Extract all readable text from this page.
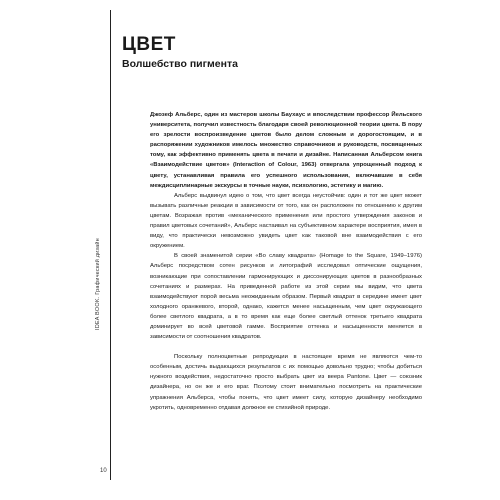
IDEA BOOK. Графический дизайн
10
ЦВЕТ
Волшебство пигмента

Джозеф Альберс, один из мастеров школы Баухаус и впоследствии профессор Йельского университета, получил известность благодаря своей революционной теории цвета. В пору его зрелости воспроизведение цветов было делом сложным и дорогостоящим, и в распоряжении художников имелось множество справочников и руководств, посвященных тому, как эффективно применять цвета в печати и дизайне. Написанная Альберсом книга «Взаимодействие цветов» (Interaction of Colour, 1963) отвергала упрощенный подход к цвету, устанавливая правила его успешного использования, включавшие в себя междисциплинарные экскурсы в точные науки, психологию, эстетику и магию.

Альберс выдвинул идею о том, что цвет всегда неустойчив: один и тот же цвет может вызывать различные реакции в зависимости от того, как он расположен по отношению к другим цветам. Возражая против «механического применения или простого утверждения законов и правил цветовых сочетаний», Альберс настаивал на субъективном характере восприятия, имея в виду, что практически невозможно увидеть цвет как таковой вне взаимодействия с его окружением.

В своей знаменитой серии «Во славу квадрата» (Homage to the Square, 1949–1976) Альберс посредством сотен рисунков и литографий исследовал оптические ощущения, возникающие при сопоставлении гармонирующих и диссонирующих цветов в разнообразных сочетаниях и размерах. На приведенной работе из этой серии мы видим, что цвета взаимодействуют порой весьма неожиданным образом. Первый квадрат в середине имеет цвет холодного оранжевого, второй, однако, кажется менее насыщенным, чем цвет окружающего более светлого квадрата, а в то время как еще более светлый оттенок третьего квадрата доминирует во всей цветовой гамме. Восприятие оттенка и насыщенности меняется в зависимости от соотношения квадратов.

Поскольку полноцветные репродукции в настоящее время не являются чем-то особенным, достичь выдающихся результатов с их помощью довольно трудно; чтобы добиться нужного воздействия, недостаточно просто выбрать цвет из веера Pantone. Цвет — союзник дизайнера, но он же и его враг. Поэтому стоит внимательно посмотреть на практические упражнения Альберса, чтобы понять, что цвет имеет силу, которую дизайнеру необходимо укротить, одновременно отдавая должное ее стихийной природе.
